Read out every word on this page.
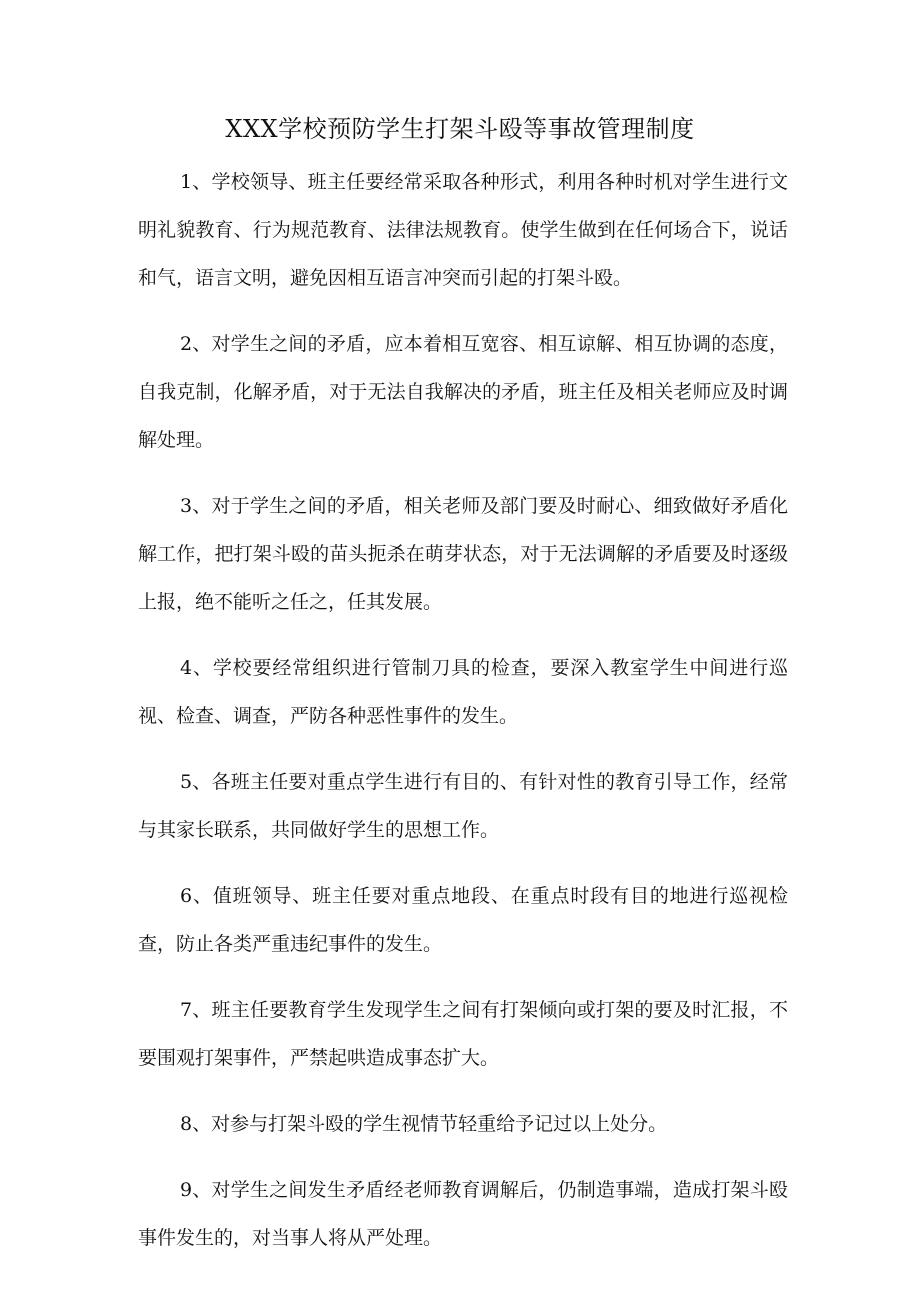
XXX学校预防学生打架斗殴等事故管理制度

1、学校领导、班主任要经常采取各种形式，利用各种时机对学生进行文明礼貌教育、行为规范教育、法律法规教育。使学生做到在任何场合下，说话和气，语言文明，避免因相互语言冲突而引起的打架斗殴。

2、对学生之间的矛盾，应本着相互宽容、相互谅解、相互协调的态度，自我克制，化解矛盾，对于无法自我解决的矛盾，班主任及相关老师应及时调解处理。

3、对于学生之间的矛盾，相关老师及部门要及时耐心、细致做好矛盾化解工作，把打架斗殴的苗头扼杀在萌芽状态，对于无法调解的矛盾要及时逐级上报，绝不能听之任之，任其发展。

4、学校要经常组织进行管制刀具的检查，要深入教室学生中间进行巡视、检查、调查，严防各种恶性事件的发生。

5、各班主任要对重点学生进行有目的、有针对性的教育引导工作，经常与其家长联系，共同做好学生的思想工作。

6、值班领导、班主任要对重点地段、在重点时段有目的地进行巡视检查，防止各类严重违纪事件的发生。

7、班主任要教育学生发现学生之间有打架倾向或打架的要及时汇报，不要围观打架事件，严禁起哄造成事态扩大。

8、对参与打架斗殴的学生视情节轻重给予记过以上处分。

9、对学生之间发生矛盾经老师教育调解后，仍制造事端，造成打架斗殴事件发生的，对当事人将从严处理。
